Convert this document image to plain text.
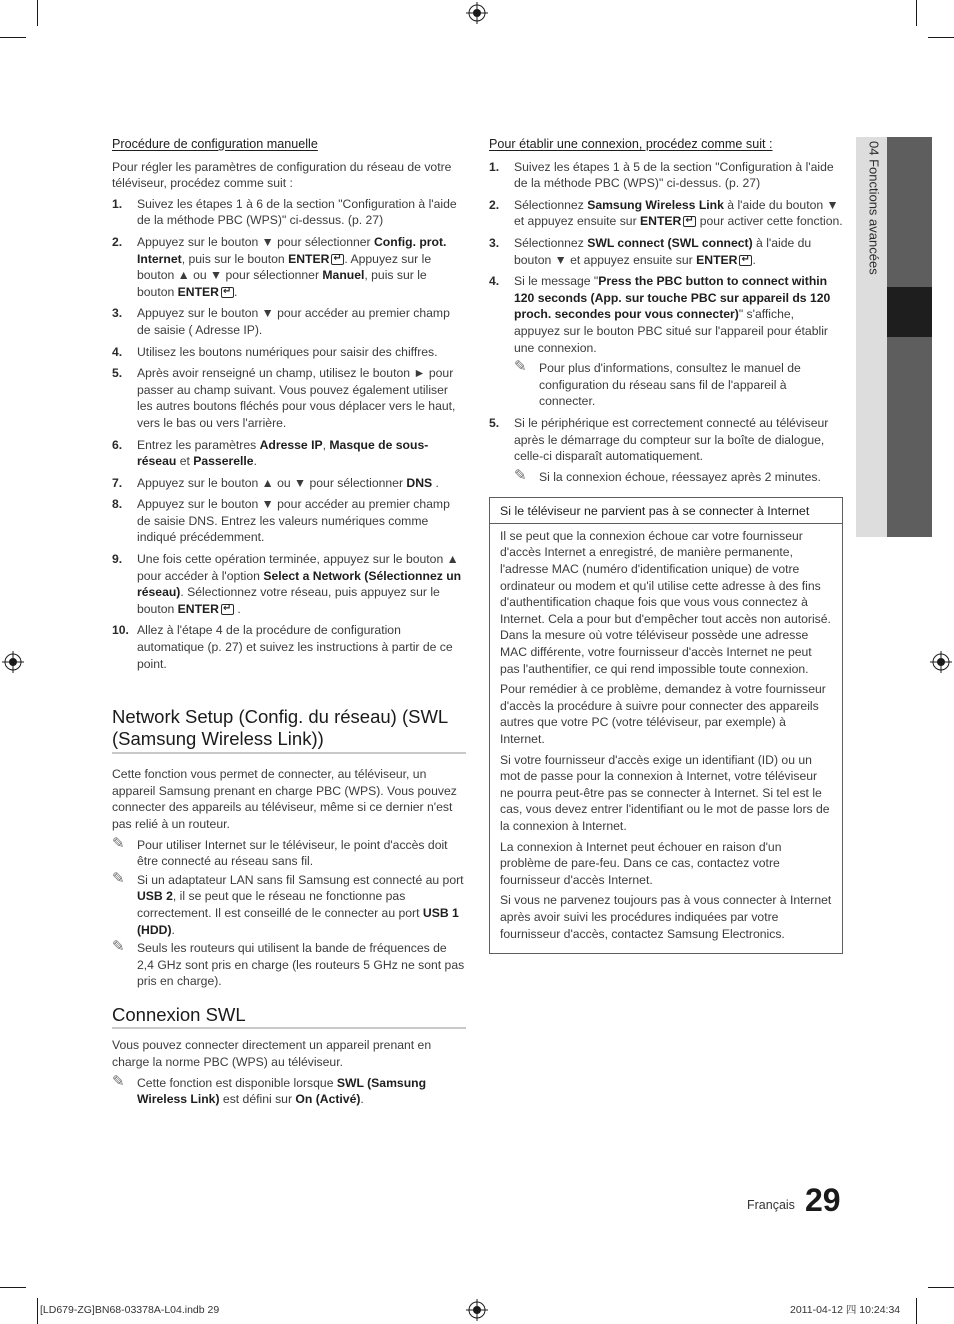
04 Fonctions avancées
Procédure de configuration manuelle

Pour régler les paramètres de configuration du réseau de votre téléviseur, procédez comme suit :

1. Suivez les étapes 1 à 6 de la section "Configuration à l'aide de la méthode PBC (WPS)" ci-dessus. (p. 27)
2. Appuyez sur le bouton ▼ pour sélectionner Config. prot. Internet, puis sur le bouton ENTER ↵ . Appuyez sur le bouton ▲ ou ▼ pour sélectionner Manuel, puis sur le bouton ENTER ↵ .
3. Appuyez sur le bouton ▼ pour accéder au premier champ de saisie ( Adresse IP).
4. Utilisez les boutons numériques pour saisir des chiffres.
5. Après avoir renseigné un champ, utilisez le bouton ► pour passer au champ suivant. Vous pouvez également utiliser les autres boutons fléchés pour vous déplacer vers le haut, vers le bas ou vers l'arrière.
6. Entrez les paramètres Adresse IP, Masque de sous-réseau et Passerelle.
7. Appuyez sur le bouton ▲ ou ▼ pour sélectionner DNS .
8. Appuyez sur le bouton ▼ pour accéder au premier champ de saisie DNS. Entrez les valeurs numériques comme indiqué précédemment.
9. Une fois cette opération terminée, appuyez sur le bouton ▲ pour accéder à l'option Select a Network (Sélectionnez un réseau). Sélectionnez votre réseau, puis appuyez sur le bouton ENTER↵ .
10. Allez à l'étape 4 de la procédure de configuration automatique (p. 27) et suivez les instructions à partir de ce point.
Network Setup (Config. du réseau) (SWL (Samsung Wireless Link))

Cette fonction vous permet de connecter, au téléviseur, un appareil Samsung prenant en charge PBC (WPS). Vous pouvez connecter des appareils au téléviseur, même si ce dernier n'est pas relié à un routeur.

✎ Pour utiliser Internet sur le téléviseur, le point d'accès doit être connecté au réseau sans fil.
✎ Si un adaptateur LAN sans fil Samsung est connecté au port USB 2, il se peut que le réseau ne fonctionne pas correctement. Il est conseillé de le connecter au port USB 1 (HDD).
✎ Seuls les routeurs qui utilisent la bande de fréquences de 2,4 GHz sont pris en charge (les routeurs 5 GHz ne sont pas pris en charge).
Connexion SWL

Vous pouvez connecter directement un appareil prenant en charge la norme PBC (WPS) au téléviseur.

✎ Cette fonction est disponible lorsque SWL (Samsung Wireless Link) est défini sur On (Activé).
Pour établir une connexion, procédez comme suit :
1. Suivez les étapes 1 à 5 de la section "Configuration à l'aide de la méthode PBC (WPS)" ci-dessus. (p. 27)
2. Sélectionnez Samsung Wireless Link à l'aide du bouton ▼ et appuyez ensuite sur ENTER↵ pour activer cette fonction.
3. Sélectionnez SWL connect (SWL connect) à l'aide du bouton ▼ et appuyez ensuite sur ENTER ↵ .
4. Si le message "Press the PBC button to connect within 120 seconds (App. sur touche PBC sur appareil ds 120 proch. secondes pour vous connecter)" s'affiche, appuyez sur le bouton PBC situé sur l'appareil pour établir une connexion.
✎ Pour plus d'informations, consultez le manuel de configuration du réseau sans fil de l'appareil à connecter.
5. Si le périphérique est correctement connecté au téléviseur après le démarrage du compteur sur la boîte de dialogue, celle-ci disparaît automatiquement.
✎ Si la connexion échoue, réessayez après 2 minutes.
Si le téléviseur ne parvient pas à se connecter à Internet

Il se peut que la connexion échoue car votre fournisseur d'accès Internet a enregistré, de manière permanente, l'adresse MAC (numéro d'identification unique) de votre ordinateur ou modem et qu'il utilise cette adresse à des fins d'authentification chaque fois que vous vous connectez à Internet. Cela a pour but d'empêcher tout accès non autorisé. Dans la mesure où votre téléviseur possède une adresse MAC différente, votre fournisseur d'accès Internet ne peut pas l'authentifier, ce qui rend impossible toute connexion.

Pour remédier à ce problème, demandez à votre fournisseur d'accès la procédure à suivre pour connecter des appareils autres que votre PC (votre téléviseur, par exemple) à Internet.

Si votre fournisseur d'accès exige un identifiant (ID) ou un mot de passe pour la connexion à Internet, votre téléviseur ne pourra peut-être pas se connecter à Internet. Si tel est le cas, vous devez entrer l'identifiant ou le mot de passe lors de la connexion à Internet.

La connexion à Internet peut échouer en raison d'un problème de pare-feu. Dans ce cas, contactez votre fournisseur d'accès Internet.

Si vous ne parvenez toujours pas à vous connecter à Internet après avoir suivi les procédures indiquées par votre fournisseur d'accès, contactez Samsung Electronics.

Français 29
[LD679-ZG]BN68-03378A-L04.indb 29	2011-04-12 四 10:24:34
